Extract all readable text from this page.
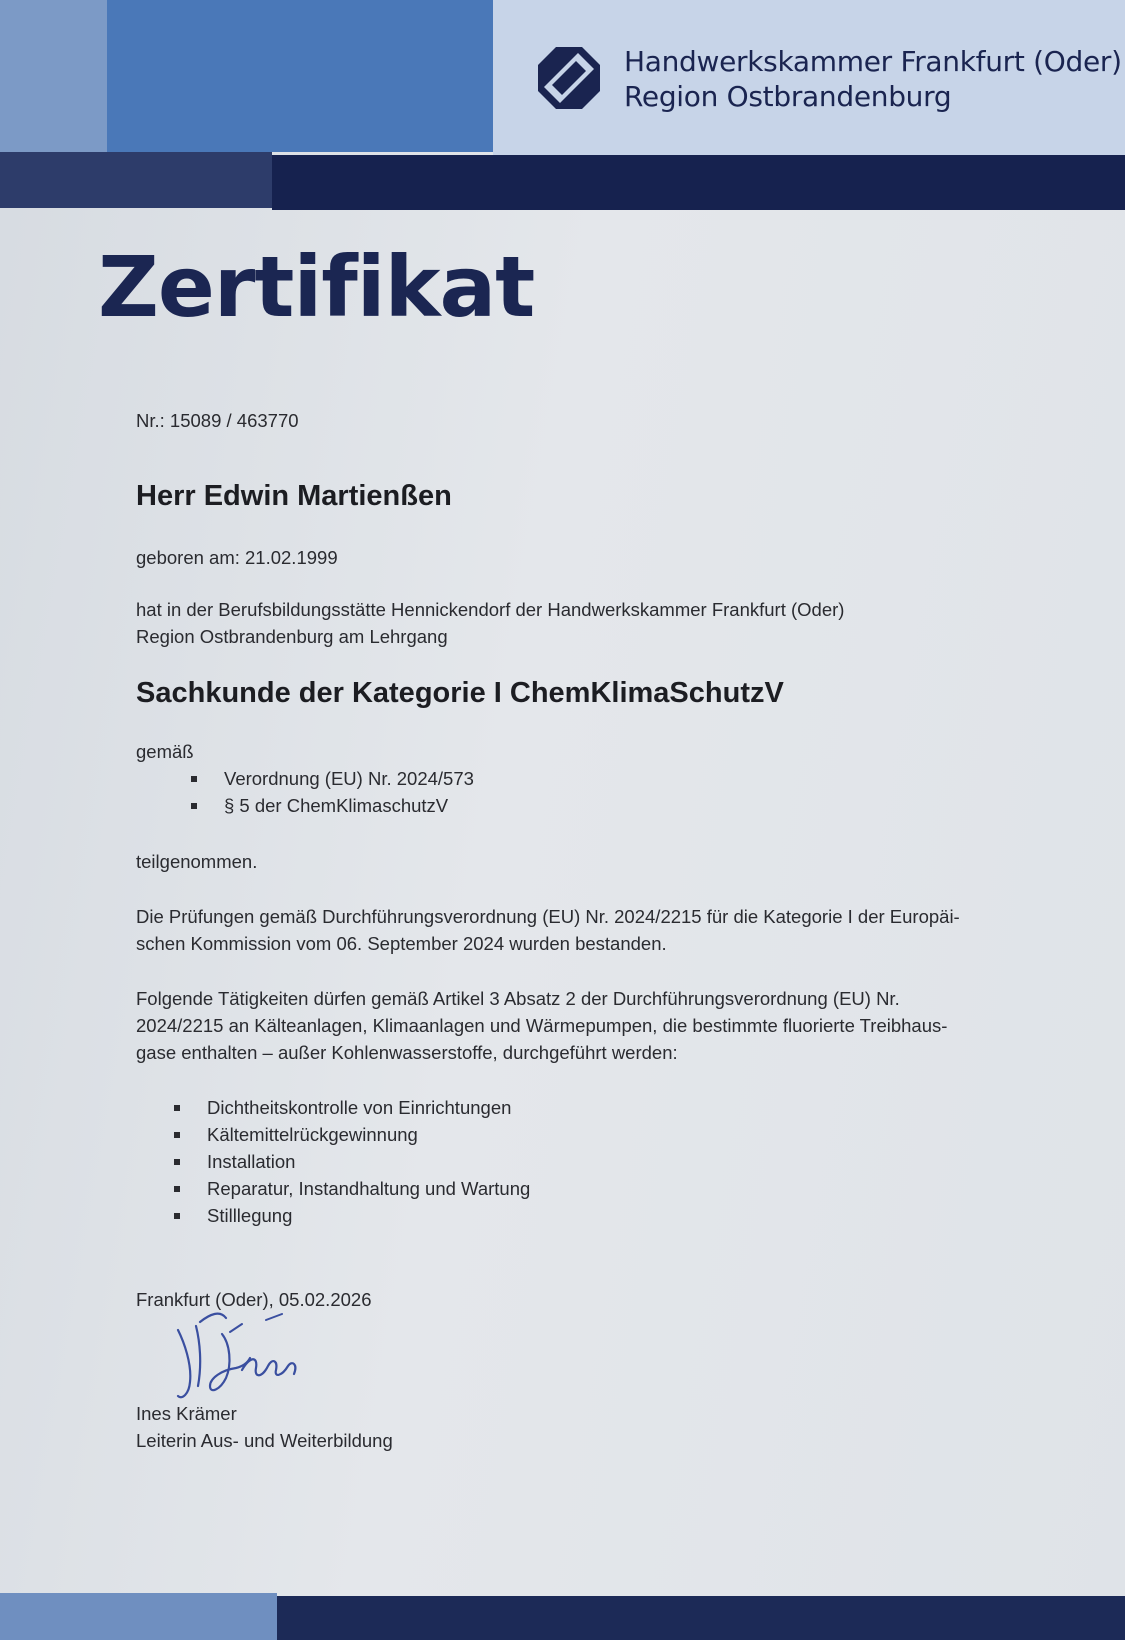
Handwerkskammer Frankfurt (Oder)
Region Ostbrandenburg
Zertifikat
Nr.: 15089 / 463770
Herr Edwin Martienßen
geboren am: 21.02.1999
hat in der Berufsbildungsstätte Hennickendorf der Handwerkskammer Frankfurt (Oder)
Region Ostbrandenburg am Lehrgang
Sachkunde der Kategorie I ChemKlimaSchutzV
gemäß
Verordnung (EU) Nr. 2024/573
§ 5 der ChemKlimaschutzV
teilgenommen.
Die Prüfungen gemäß Durchführungsverordnung (EU) Nr. 2024/2215 für die Kategorie I der Europäi-
schen Kommission vom 06. September 2024 wurden bestanden.
Folgende Tätigkeiten dürfen gemäß Artikel 3 Absatz 2 der Durchführungsverordnung (EU) Nr.
2024/2215 an Kälteanlagen, Klimaanlagen und Wärmepumpen, die bestimmte fluorierte Treibhaus-
gase enthalten – außer Kohlenwasserstoffe, durchgeführt werden:
Dichtheitskontrolle von Einrichtungen
Kältemittelrückgewinnung
Installation
Reparatur, Instandhaltung und Wartung
Stilllegung
Frankfurt (Oder), 05.02.2026
Ines Krämer
Leiterin Aus- und Weiterbildung
